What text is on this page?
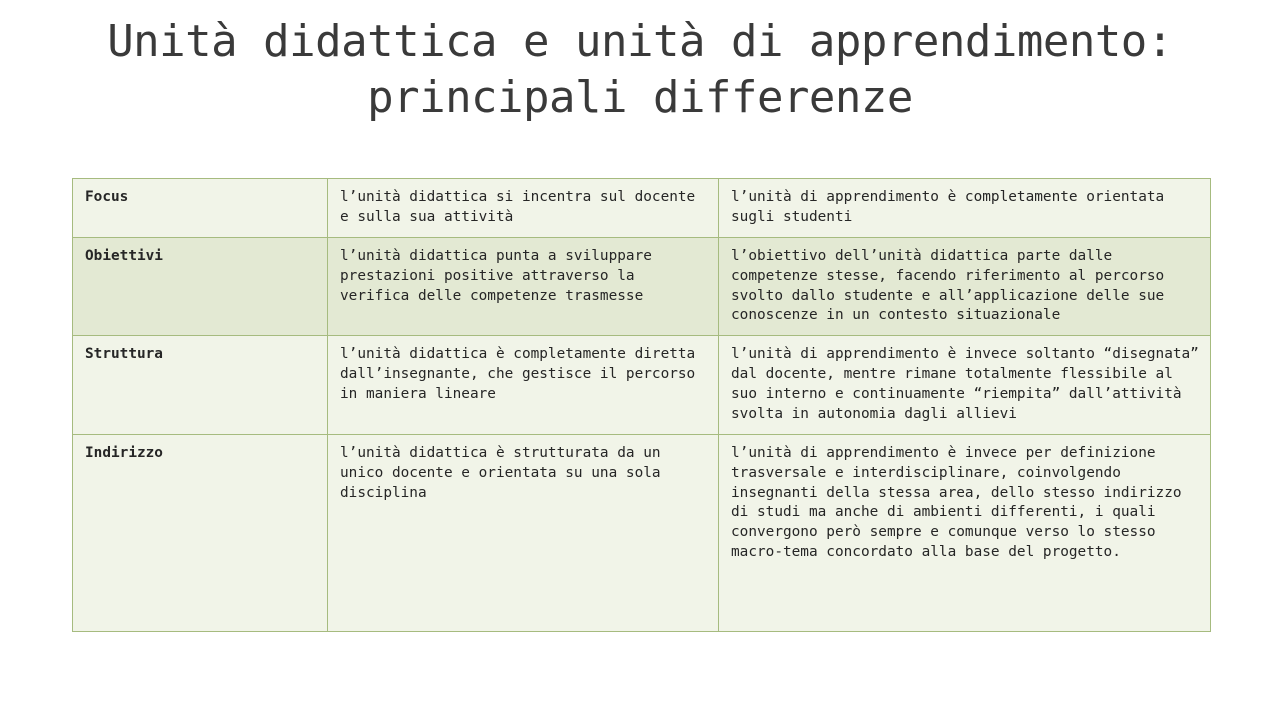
Unità didattica e unità di apprendimento: principali differenze
Focus	l’unità didattica si incentra sul docente e sulla sua attività	l’unità di apprendimento è completamente orientata sugli studenti
Obiettivi	l’unità didattica punta a sviluppare prestazioni positive attraverso la verifica delle competenze trasmesse	l’obiettivo dell’unità didattica parte dalle competenze stesse, facendo riferimento al percorso svolto dallo studente e all’applicazione delle sue conoscenze in un contesto situazionale
Struttura	l’unità didattica è completamente diretta dall’insegnante, che gestisce il percorso in maniera lineare	l’unità di apprendimento è invece soltanto “disegnata” dal docente, mentre rimane totalmente flessibile al suo interno e continuamente “riempita” dall’attività svolta in autonomia dagli allievi
Indirizzo	l’unità didattica è strutturata da un unico docente e orientata su una sola disciplina	l’unità di apprendimento è invece per definizione trasversale e interdisciplinare, coinvolgendo insegnanti della stessa area, dello stesso indirizzo di studi ma anche di ambienti differenti, i quali convergono però sempre e comunque verso lo stesso macro-tema concordato alla base del progetto.
